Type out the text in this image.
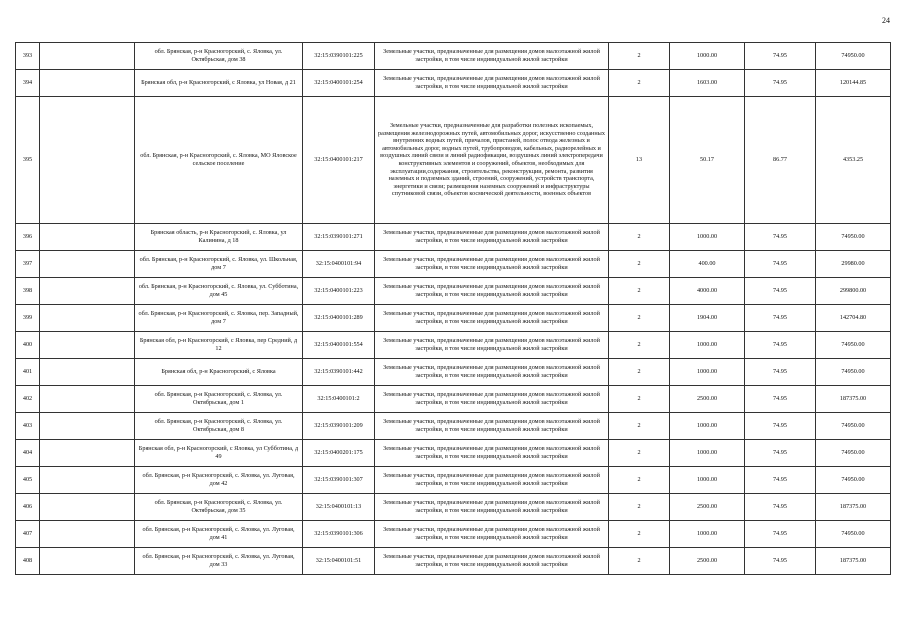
24
393		обл. Брянская, р-н Красногорский, с. Яловка, ул. Октябрьская, дом 38	32:15:0390101:225	Земельные участки, предназначенные для размещения домов малоэтажной жилой застройки, в том числе индивидуальной жилой застройки	2	1000.00	74.95	74950.00
394		Брянская обл, р-н Красногорский, с Яловка, ул Новая, д 21	32:15:0400101:254	Земельные участки, предназначенные для размещения домов малоэтажной жилой застройки, в том числе индивидуальной жилой застройки	2	1603.00	74.95	120144.85
395		обл. Брянская, р-н Красногорский, с. Яловка, МО Яловское сельское поселение	32:15:0400101:217	Земельные участки, предназначенные для разработки полезных ископаемых, размещения железнодорожных путей, автомобильных дорог, искусственно созданных внутренних водных путей, причалов, пристаней, полос отвода железных и автомобильных дорог, водных путей, трубопроводов, кабельных, радиорелейных и воздушных линий связи и линий радиофикации, воздушных линий электропередачи конструктивных элементов и сооружений, объектов, необходимых для эксплуатации,содержания, строительства, реконструкции, ремонта, развития наземных и подземных зданий, строений, сооружений, устройств транспорта, энергетики и связи; размещения наземных сооружений и инфраструктуры спутниковой связи, объектов космической деятельности, военных объектов	13	50.17	86.77	4353.25
396		Брянская область, р-н Красногорский, с. Яловка, ул Калинина, д 18	32:15:0390101:271	Земельные участки, предназначенные для размещения домов малоэтажной жилой застройки, в том числе индивидуальной жилой застройки	2	1000.00	74.95	74950.00
397		обл. Брянская, р-н Красногорский, с. Яловка, ул. Школьная, дом 7	32:15:0400101:94	Земельные участки, предназначенные для размещения домов малоэтажной жилой застройки, в том числе индивидуальной жилой застройки	2	400.00	74.95	29980.00
398		обл. Брянская, р-н Красногорский, с. Яловка, ул. Субботина, дом 45	32:15:0400101:223	Земельные участки, предназначенные для размещения домов малоэтажной жилой застройки, в том числе индивидуальной жилой застройки	2	4000.00	74.95	299800.00
399		обл. Брянская, р-н Красногорский, с. Яловка, пер. Западный, дом 7	32:15:0400101:289	Земельные участки, предназначенные для размещения домов малоэтажной жилой застройки, в том числе индивидуальной жилой застройки	2	1904.00	74.95	142704.80
400		Брянская обл, р-н Красногорский, с Яловка, пер Средний, д 12	32:15:0400101:554	Земельные участки, предназначенные для размещения домов малоэтажной жилой застройки, в том числе индивидуальной жилой застройки	2	1000.00	74.95	74950.00
401		Брянская обл, р-н Красногорский, с Яловка	32:15:0390101:442	Земельные участки, предназначенные для размещения домов малоэтажной жилой застройки, в том числе индивидуальной жилой застройки	2	1000.00	74.95	74950.00
402		обл. Брянская, р-н Красногорский, с. Яловка, ул. Октябрьская, дом 1	32:15:0400101:2	Земельные участки, предназначенные для размещения домов малоэтажной жилой застройки, в том числе индивидуальной жилой застройки	2	2500.00	74.95	187375.00
403		обл. Брянская, р-н Красногорский, с. Яловка, ул. Октябрьская, дом 8	32:15:0390101:209	Земельные участки, предназначенные для размещения домов малоэтажной жилой застройки, в том числе индивидуальной жилой застройки	2	1000.00	74.95	74950.00
404		Брянская обл, р-н Красногорский, с Яловка, ул Субботина, д 49	32:15:0400201:175	Земельные участки, предназначенные для размещения домов малоэтажной жилой застройки, в том числе индивидуальной жилой застройки	2	1000.00	74.95	74950.00
405		обл. Брянская, р-н Красногорский, с. Яловка, ул. Луговая, дом 42	32:15:0390101:307	Земельные участки, предназначенные для размещения домов малоэтажной жилой застройки, в том числе индивидуальной жилой застройки	2	1000.00	74.95	74950.00
406		обл. Брянская, р-н Красногорский, с. Яловка, ул. Октябрьская, дом 35	32:15:0400101:13	Земельные участки, предназначенные для размещения домов малоэтажной жилой застройки, в том числе индивидуальной жилой застройки	2	2500.00	74.95	187375.00
407		обл. Брянская, р-н Красногорский, с. Яловка, ул. Луговая, дом 41	32:15:0390101:306	Земельные участки, предназначенные для размещения домов малоэтажной жилой застройки, в том числе индивидуальной жилой застройки	2	1000.00	74.95	74950.00
408		обл. Брянская, р-н Красногорский, с. Яловка, ул. Луговая, дом 33	32:15:0400101:51	Земельные участки, предназначенные для размещения домов малоэтажной жилой застройки, в том числе индивидуальной жилой застройки	2	2500.00	74.95	187375.00
